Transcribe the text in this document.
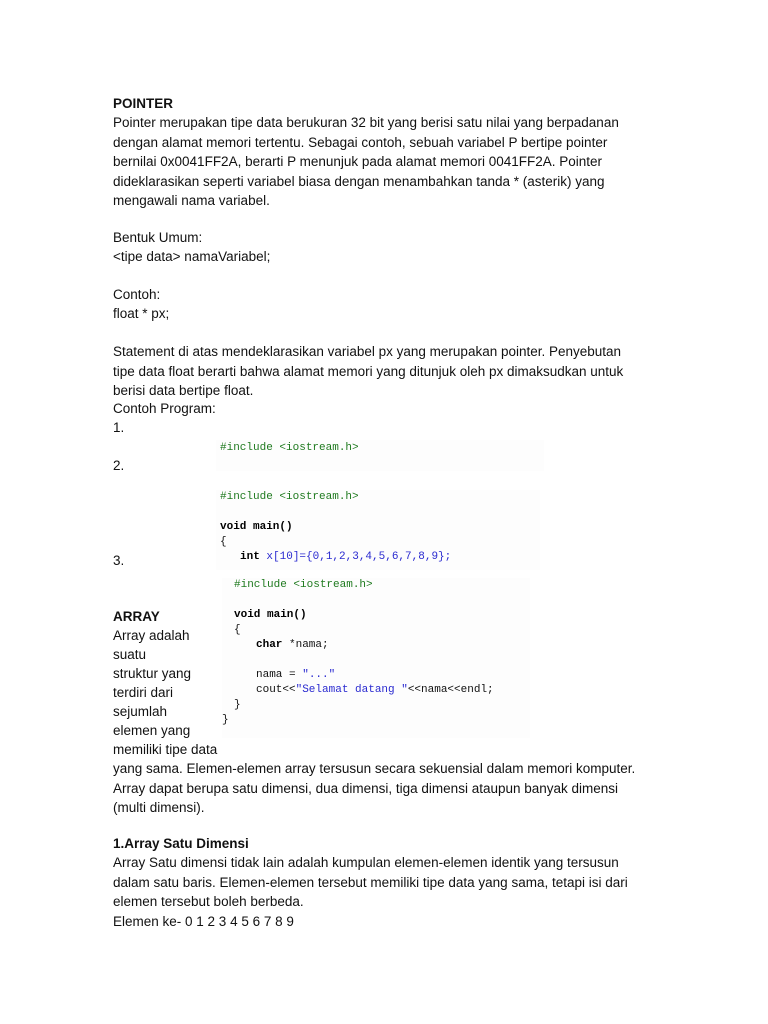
POINTER
Pointer merupakan tipe data berukuran 32 bit yang berisi satu nilai yang berpadanan
dengan alamat memori tertentu. Sebagai contoh, sebuah variabel P bertipe pointer
bernilai 0x0041FF2A, berarti P menunjuk pada alamat memori 0041FF2A. Pointer
dideklarasikan seperti variabel biasa dengan menambahkan tanda * (asterik) yang
mengawali nama variabel.
Bentuk Umum:
<tipe data> namaVariabel;
Contoh:
float * px;
Statement di atas mendeklarasikan variabel px yang merupakan pointer. Penyebutan
tipe data float berarti bahwa alamat memori yang ditunjuk oleh px dimaksudkan untuk
berisi data bertipe float.
Contoh Program:
1.
#include <iostream.h>
2.
#include <iostream.h>
void main()
{
int x[10]={0,1,2,3,4,5,6,7,8,9};
3.
#include <iostream.h>
void main()
{
char *nama;
nama = "..."
cout<<"Selamat datang "<<nama<<endl;
}
}
ARRAY
Array adalah
suatu
struktur yang
terdiri dari
sejumlah
elemen yang
memiliki tipe data
yang sama. Elemen-elemen array tersusun secara sekuensial dalam memori komputer.
Array dapat berupa satu dimensi, dua dimensi, tiga dimensi ataupun banyak dimensi
(multi dimensi).
1.Array Satu Dimensi
Array Satu dimensi tidak lain adalah kumpulan elemen-elemen identik yang tersusun
dalam satu baris. Elemen-elemen tersebut memiliki tipe data yang sama, tetapi isi dari
elemen tersebut boleh berbeda.
Elemen ke- 0 1 2 3 4 5 6 7 8 9
